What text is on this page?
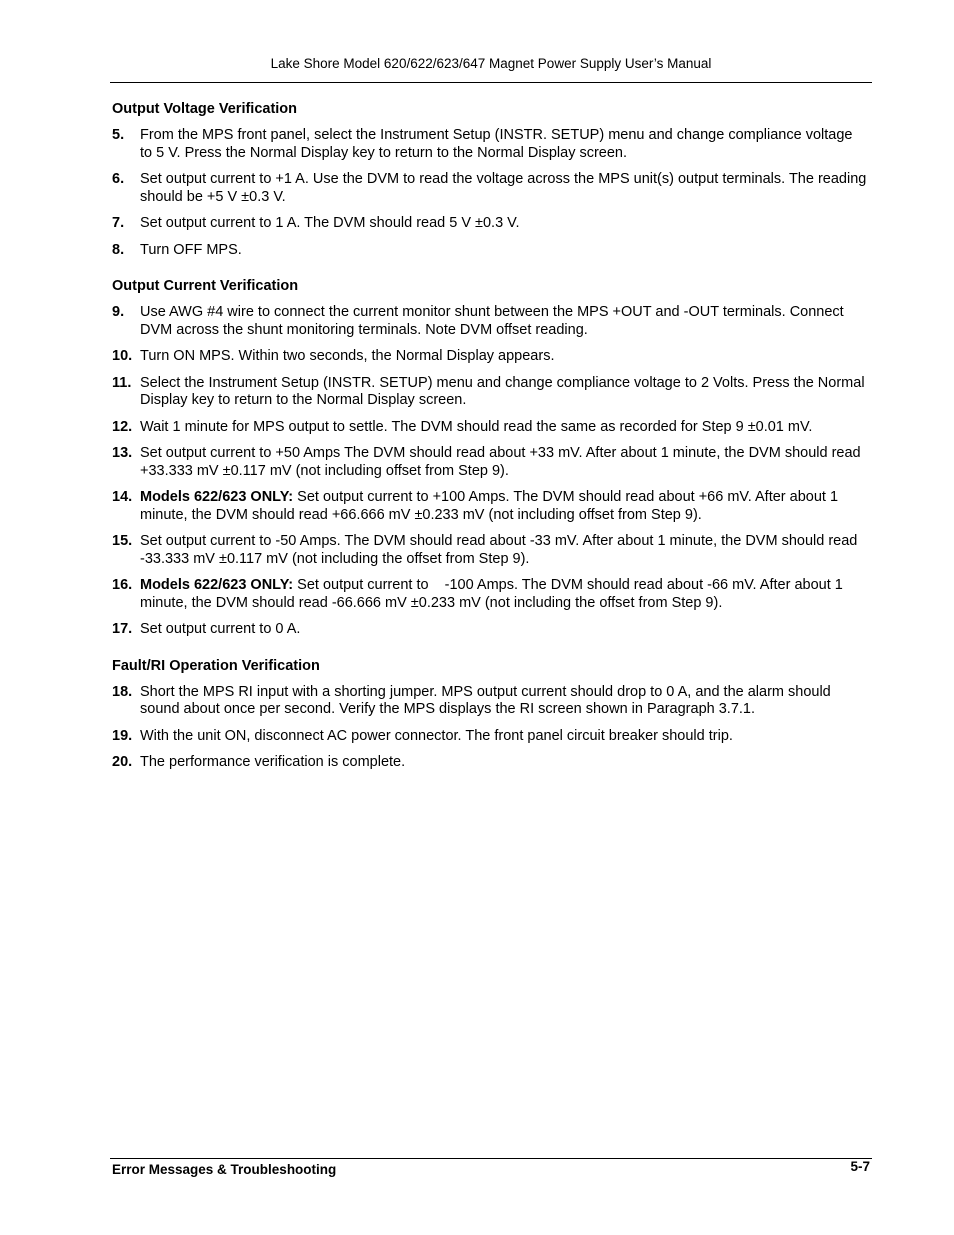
Lake Shore Model 620/622/623/647 Magnet Power Supply User’s Manual
Output Voltage Verification
5. From the MPS front panel, select the Instrument Setup (INSTR. SETUP) menu and change compliance voltage to 5 V. Press the Normal Display key to return to the Normal Display screen.
6. Set output current to +1 A. Use the DVM to read the voltage across the MPS unit(s) output terminals. The reading should be +5 V ±0.3 V.
7. Set output current to 1 A. The DVM should read 5 V ±0.3 V.
8. Turn OFF MPS.
Output Current Verification
9. Use AWG #4 wire to connect the current monitor shunt between the MPS +OUT and -OUT terminals. Connect DVM across the shunt monitoring terminals. Note DVM offset reading.
10. Turn ON MPS. Within two seconds, the Normal Display appears.
11. Select the Instrument Setup (INSTR. SETUP) menu and change compliance voltage to 2 Volts. Press the Normal Display key to return to the Normal Display screen.
12. Wait 1 minute for MPS output to settle. The DVM should read the same as recorded for Step 9 ±0.01 mV.
13. Set output current to +50 Amps The DVM should read about +33 mV. After about 1 minute, the DVM should read +33.333 mV ±0.117 mV (not including offset from Step 9).
14. Models 622/623 ONLY: Set output current to +100 Amps. The DVM should read about +66 mV. After about 1 minute, the DVM should read +66.666 mV ±0.233 mV (not including offset from Step 9).
15. Set output current to -50 Amps. The DVM should read about -33 mV. After about 1 minute, the DVM should read -33.333 mV ±0.117 mV (not including the offset from Step 9).
16. Models 622/623 ONLY: Set output current to    -100 Amps. The DVM should read about -66 mV. After about 1 minute, the DVM should read -66.666 mV ±0.233 mV (not including the offset from Step 9).
17. Set output current to 0 A.
Fault/RI Operation Verification
18. Short the MPS RI input with a shorting jumper. MPS output current should drop to 0 A, and the alarm should sound about once per second. Verify the MPS displays the RI screen shown in Paragraph 3.7.1.
19. With the unit ON, disconnect AC power connector. The front panel circuit breaker should trip.
20. The performance verification is complete.
Error Messages & Troubleshooting	5-7
